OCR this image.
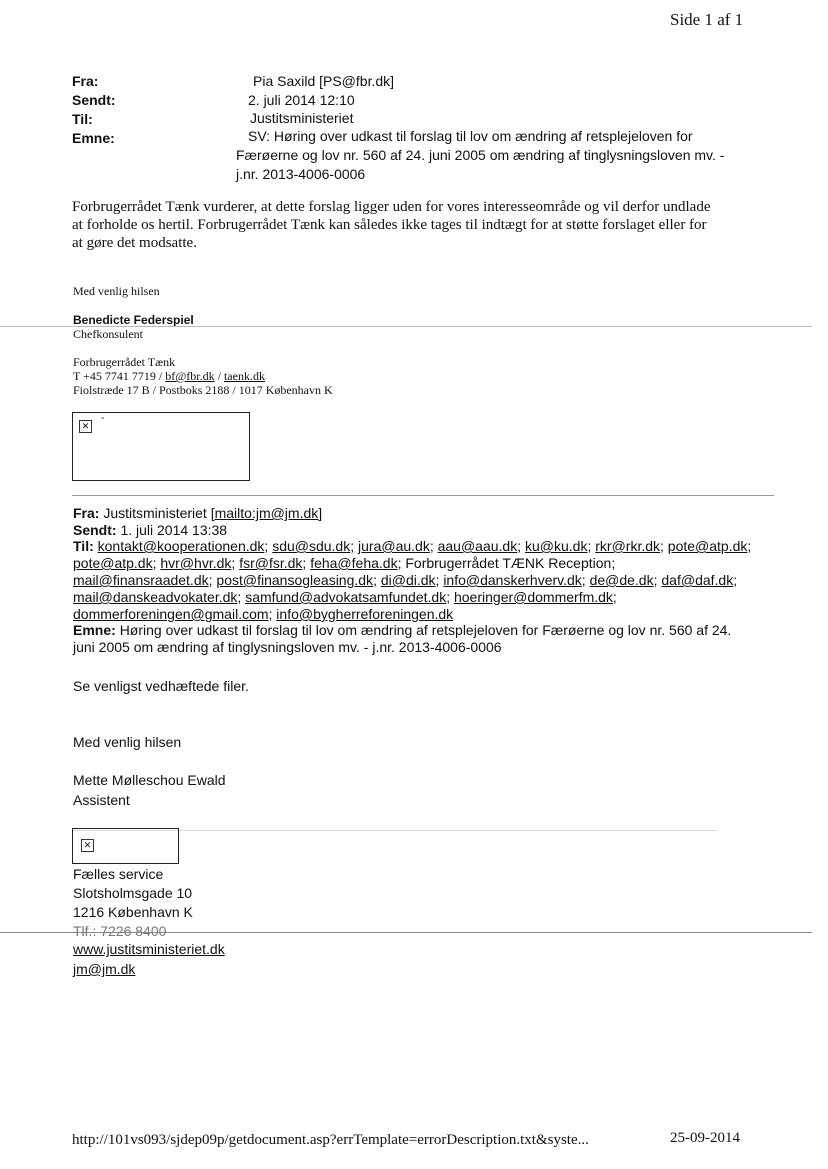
Side 1 af 1
Fra:	Pia Saxild [PS@fbr.dk]
Sendt:	2. juli 2014 12:10
Til:	Justitsministeriet
Emne:	SV: Høring over udkast til forslag til lov om ændring af retsplejeloven for
Færøerne og lov nr. 560 af 24. juni 2005 om ændring af tinglysningsloven mv. -
j.nr. 2013-4006-0006
Forbrugerrådet Tænk vurderer, at dette forslag ligger uden for vores interesseområde og vil derfor undlade at forholde os hertil. Forbrugerrådet Tænk kan således ikke tages til indtægt for at støtte forslaget eller for at gøre det modsatte.
Med venlig hilsen
Benedicte Federspiel
Chefkonsulent
Forbrugerrådet Tænk
T +45 7741 7719 / bf@fbr.dk / taenk.dk
Fiolstræde 17 B / Postboks 2188 / 1017 København K
✕
-
Fra: Justitsministeriet [mailto:jm@jm.dk]
Sendt: 1. juli 2014 13:38
Til: kontakt@kooperationen.dk; sdu@sdu.dk; jura@au.dk; aau@aau.dk; ku@ku.dk; rkr@rkr.dk; pote@atp.dk; pote@atp.dk; hvr@hvr.dk; fsr@fsr.dk; feha@feha.dk; Forbrugerrådet TÆNK Reception; mail@finansraadet.dk; post@finansogleasing.dk; di@di.dk; info@danskerhverv.dk; de@de.dk; daf@daf.dk; mail@danskeadvokater.dk; samfund@advokatsamfundet.dk; hoeringer@dommerfm.dk; dommerforeningen@gmail.com; info@bygherreforeningen.dk
Emne: Høring over udkast til forslag til lov om ændring af retsplejeloven for Færøerne og lov nr. 560 af 24. juni 2005 om ændring af tinglysningsloven mv. - j.nr. 2013-4006-0006
Se venligst vedhæftede filer.
Med venlig hilsen
Mette Mølleschou Ewald
Assistent
✕
Fælles service
Slotsholmsgade 10
1216 København K
Tlf.: 7226 8400
www.justitsministeriet.dk
jm@jm.dk
http://101vs093/sjdep09p/getdocument.asp?errTemplate=errorDescription.txt&syste...	25-09-2014
